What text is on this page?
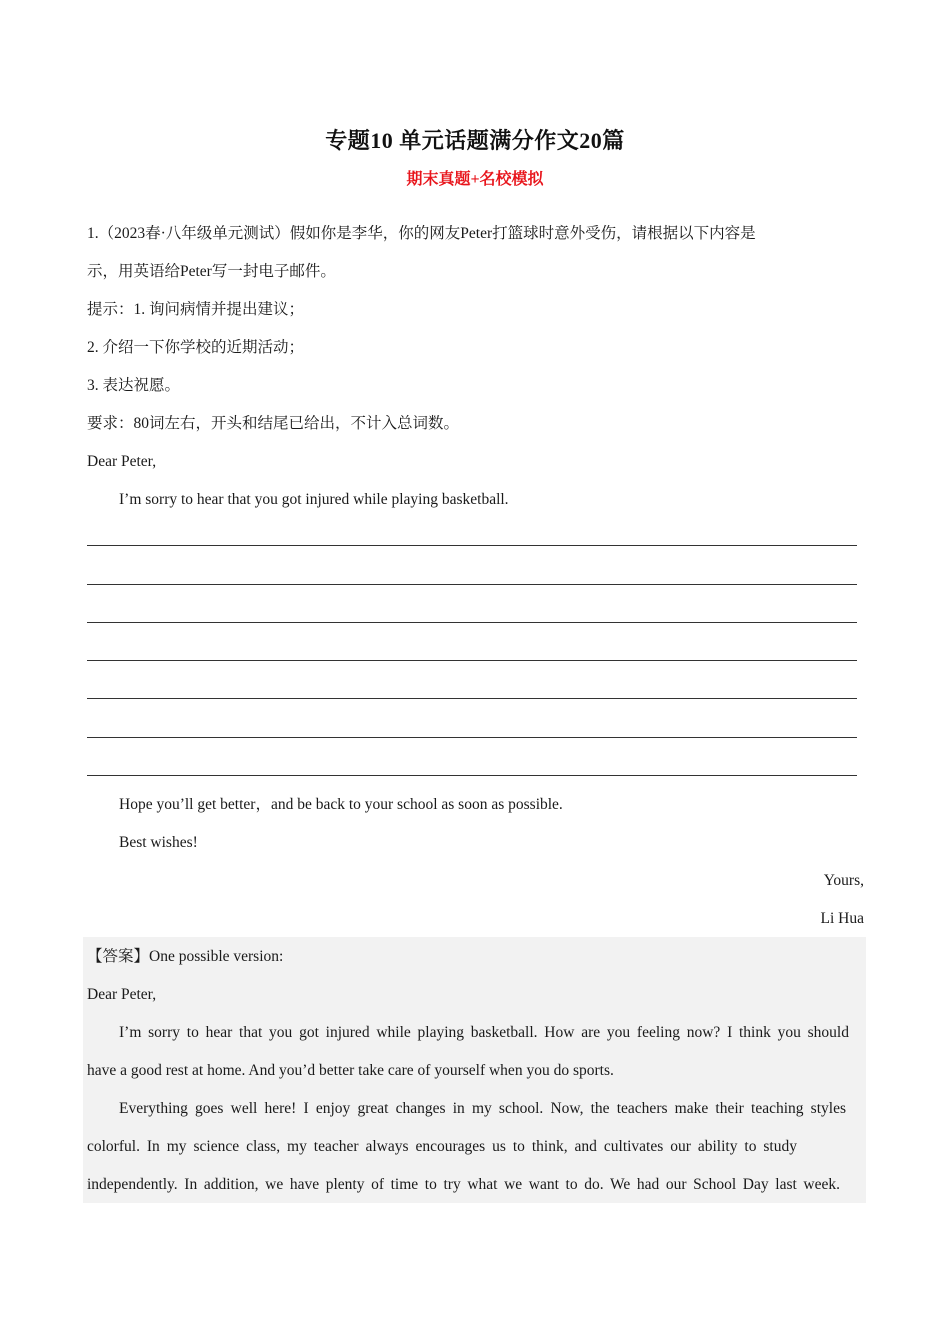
专题10 单元话题满分作文20篇
期末真题+名校模拟
1.（2023春·八年级单元测试）假如你是李华，你的网友Peter打篮球时意外受伤，请根据以下内容是
示，用英语给Peter写一封电子邮件。
提示：1. 询问病情并提出建议；
2. 介绍一下你学校的近期活动；
3. 表达祝愿。
要求：80词左右，开头和结尾已给出，不计入总词数。
Dear Peter,
I’m sorry to hear that you got injured while playing basketball.
Hope you’ll get better，and be back to your school as soon as possible.
Best wishes!
Yours,
Li Hua
【答案】One possible version:
Dear Peter,
I’m sorry to hear that you got injured while playing basketball. How are you feeling now? I think you should
have a good rest at home. And you’d better take care of yourself when you do sports.
Everything goes well here! I enjoy great changes in my school. Now, the teachers make their teaching styles
colorful. In my science class, my teacher always encourages us to think, and cultivates our ability to study
independently. In addition, we have plenty of time to try what we want to do. We had our School Day last week.
